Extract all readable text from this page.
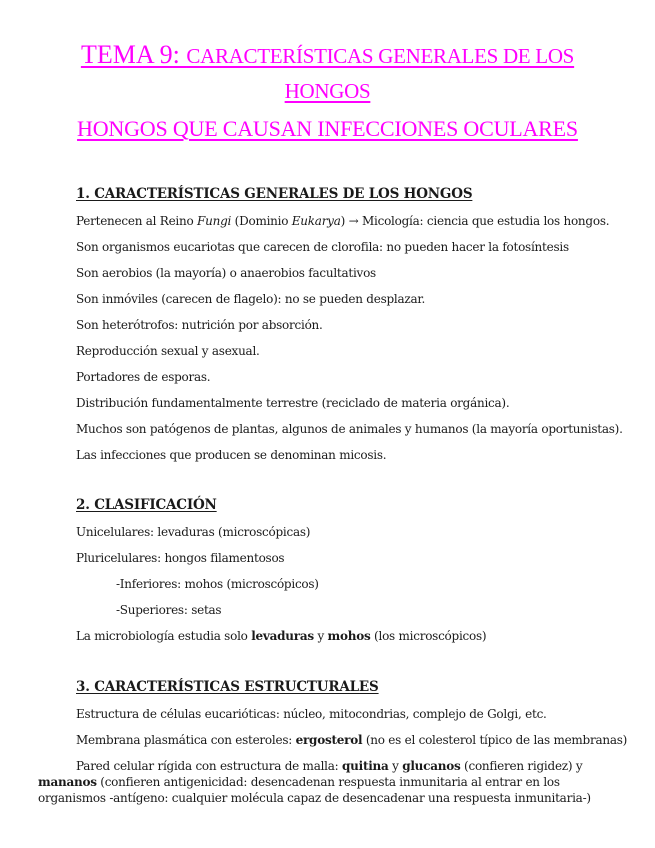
TEMA 9: CARACTERÍSTICAS GENERALES DE LOS
HONGOS
HONGOS QUE CAUSAN INFECCIONES OCULARES
1. CARACTERÍSTICAS GENERALES DE LOS HONGOS
Pertenecen al Reino Fungi (Dominio Eukarya) → Micología: ciencia que estudia los hongos.
Son organismos eucariotas que carecen de clorofila: no pueden hacer la fotosíntesis
Son aerobios (la mayoría) o anaerobios facultativos
Son inmóviles (carecen de flagelo): no se pueden desplazar.
Son heterótrofos: nutrición por absorción.
Reproducción sexual y asexual.
Portadores de esporas.
Distribución fundamentalmente terrestre (reciclado de materia orgánica).
Muchos son patógenos de plantas, algunos de animales y humanos (la mayoría oportunistas).
Las infecciones que producen se denominan micosis.
2. CLASIFICACIÓN
Unicelulares: levaduras (microscópicas)
Pluricelulares: hongos filamentosos
-Inferiores: mohos (microscópicos)
-Superiores: setas
La microbiología estudia solo levaduras y mohos (los microscópicos)
3. CARACTERÍSTICAS ESTRUCTURALES
Estructura de células eucarióticas: núcleo, mitocondrias, complejo de Golgi, etc.
Membrana plasmática con esteroles: ergosterol (no es el colesterol típico de las membranas)
Pared celular rígida con estructura de malla: quitina y glucanos (confieren rigidez) y mananos (confieren antigenicidad: desencadenan respuesta inmunitaria al entrar en los organismos -antígeno: cualquier molécula capaz de desencadenar una respuesta inmunitaria-)
